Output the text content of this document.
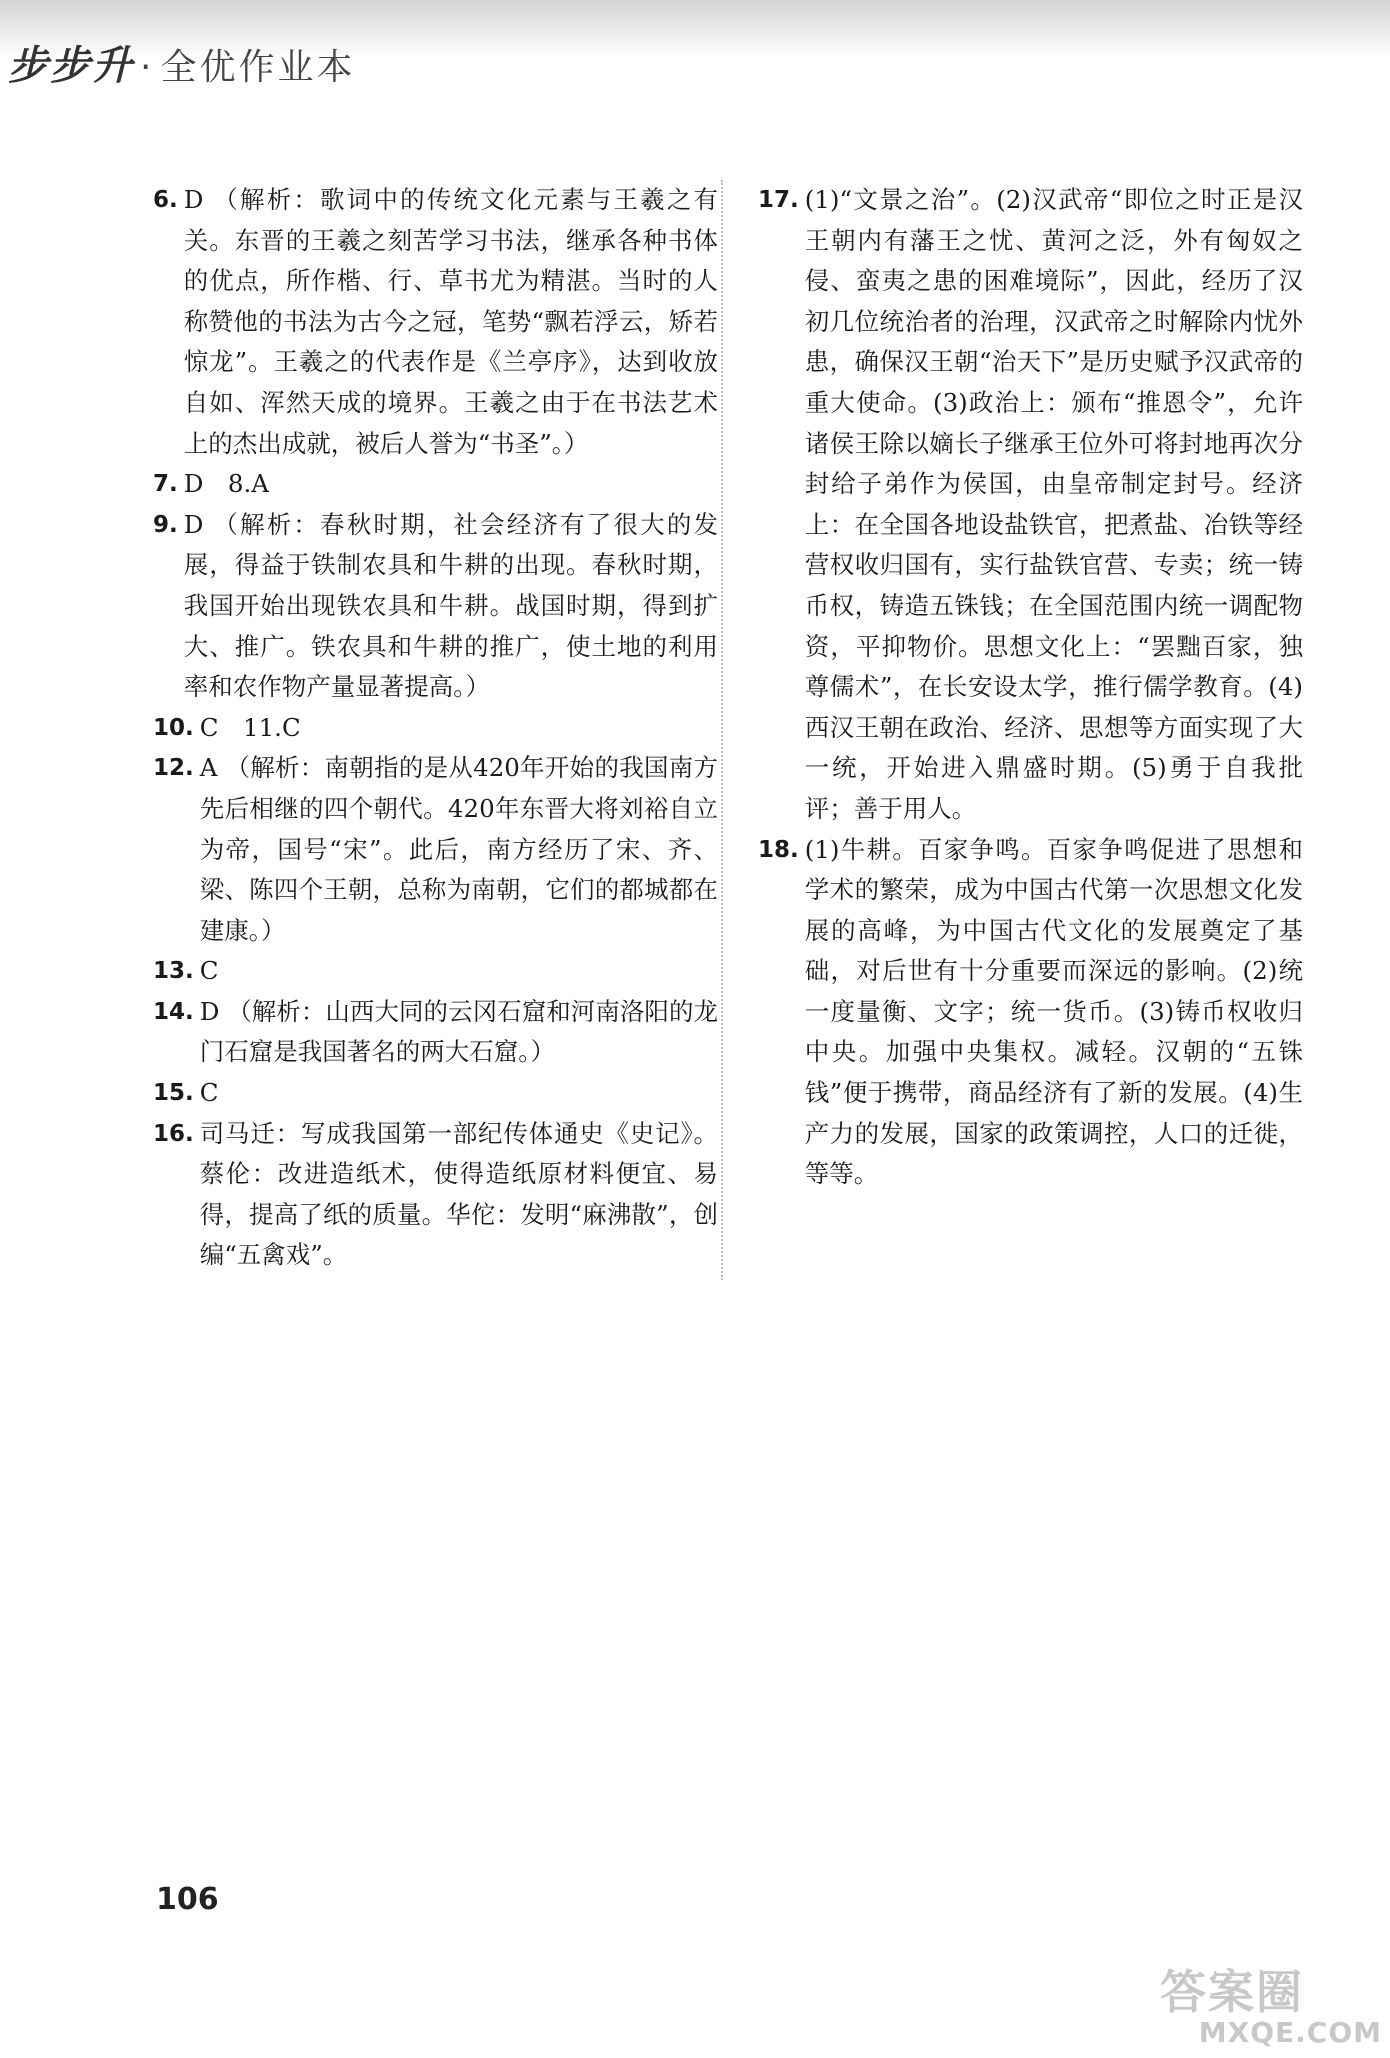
步步升 · 全优作业本
6. D （解析：歌词中的传统文化元素与王羲之有关。东晋的王羲之刻苦学习书法，继承各种书体的优点，所作楷、行、草书尤为精湛。当时的人称赞他的书法为古今之冠，笔势“飘若浮云，矫若惊龙”。王羲之的代表作是《兰亭序》，达到收放自如、浑然天成的境界。王羲之由于在书法艺术上的杰出成就，被后人誉为“书圣”。）
7. D　8.A
9. D （解析：春秋时期，社会经济有了很大的发展，得益于铁制农具和牛耕的出现。春秋时期，我国开始出现铁农具和牛耕。战国时期，得到扩大、推广。铁农具和牛耕的推广，使土地的利用率和农作物产量显著提高。）
10. C　11.C
12. A （解析：南朝指的是从420年开始的我国南方先后相继的四个朝代。420年东晋大将刘裕自立为帝，国号“宋”。此后，南方经历了宋、齐、梁、陈四个王朝，总称为南朝，它们的都城都在建康。）
13. C
14. D （解析：山西大同的云冈石窟和河南洛阳的龙门石窟是我国著名的两大石窟。）
15. C
16. 司马迁：写成我国第一部纪传体通史《史记》。蔡伦：改进造纸术，使得造纸原材料便宜、易得，提高了纸的质量。华佗：发明“麻沸散”，创编“五禽戏”。
17. (1)“文景之治”。(2)汉武帝“即位之时正是汉王朝内有藩王之忧、黄河之泛，外有匈奴之侵、蛮夷之患的困难境际”，因此，经历了汉初几位统治者的治理，汉武帝之时解除内忧外患，确保汉王朝“治天下”是历史赋予汉武帝的重大使命。(3)政治上：颁布“推恩令”，允许诸侯王除以嫡长子继承王位外可将封地再次分封给子弟作为侯国，由皇帝制定封号。经济上：在全国各地设盐铁官，把煮盐、冶铁等经营权收归国有，实行盐铁官营、专卖；统一铸币权，铸造五铢钱；在全国范围内统一调配物资，平抑物价。思想文化上：“罢黜百家，独尊儒术”，在长安设太学，推行儒学教育。(4)西汉王朝在政治、经济、思想等方面实现了大一统，开始进入鼎盛时期。(5)勇于自我批评；善于用人。
18. (1)牛耕。百家争鸣。百家争鸣促进了思想和学术的繁荣，成为中国古代第一次思想文化发展的高峰，为中国古代文化的发展奠定了基础，对后世有十分重要而深远的影响。(2)统一度量衡、文字；统一货币。(3)铸币权收归中央。加强中央集权。减轻。汉朝的“五铢钱”便于携带，商品经济有了新的发展。(4)生产力的发展，国家的政策调控，人口的迁徙，等等。
106
答案圈
MXQE.COM
